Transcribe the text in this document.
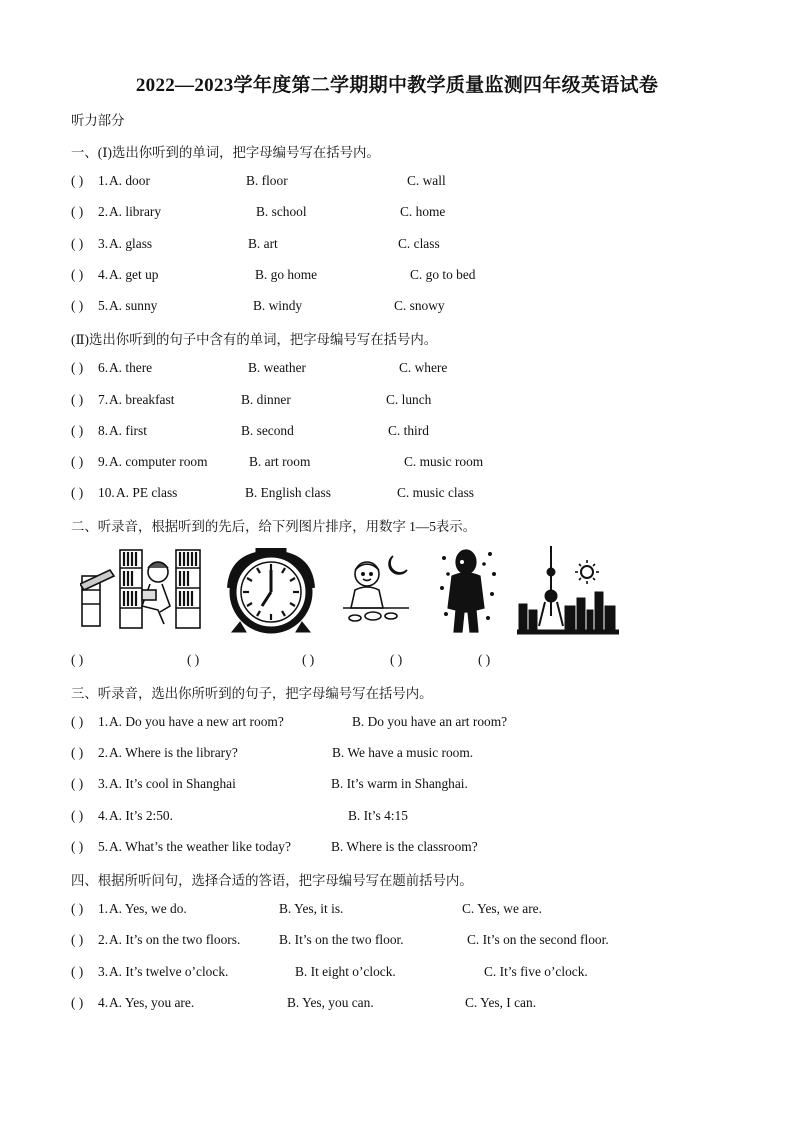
2022—2023学年度第二学期期中教学质量监测四年级英语试卷
听力部分
一、(Ⅰ)选出你听到的单词，把字母编号写在括号内。
( ) 1. A. door	B. floor	C. wall
( ) 2. A. library	B. school	C. home
( ) 3. A. glass	B. art	C. class
( ) 4. A. get up	B. go home	C. go to bed
( ) 5. A. sunny	B. windy	C. snowy
(Ⅱ)选出你听到的句子中含有的单词，把字母编号写在括号内。
( ) 6. A. there	B. weather	C. where
( ) 7. A. breakfast	B. dinner	C. lunch
( ) 8. A. first	B. second	C. third
( ) 9. A. computer room	B. art room	C. music room
( ) 10. A. PE class	B. English class	C. music class
二、听录音，根据听到的先后，给下列图片排序，用数字 1—5表示。
( )	( )	( )	( )	( )
三、听录音，选出你所听到的句子，把字母编号写在括号内。
( ) 1. A. Do you have a new art room?	B. Do you have an art room?
( ) 2. A. Where is the library?	B. We have a music room.
( ) 3. A. It’s cool in Shanghai	B. It’s warm in Shanghai.
( ) 4. A. It’s 2:50.	B. It’s 4:15
( ) 5. A. What’s the weather like today?	B. Where is the classroom?
四、根据所听问句，选择合适的答语，把字母编号写在题前括号内。
( ) 1. A. Yes, we do.	B. Yes, it is.	C. Yes, we are.
( ) 2. A. It’s on the two floors.	B. It’s on the two floor.	C. It’s on the second floor.
( ) 3. A. It’s twelve o’clock.	B. It eight o’clock.	C. It’s five o’clock.
( ) 4. A. Yes, you are.	B. Yes, you can.	C. Yes, I can.
